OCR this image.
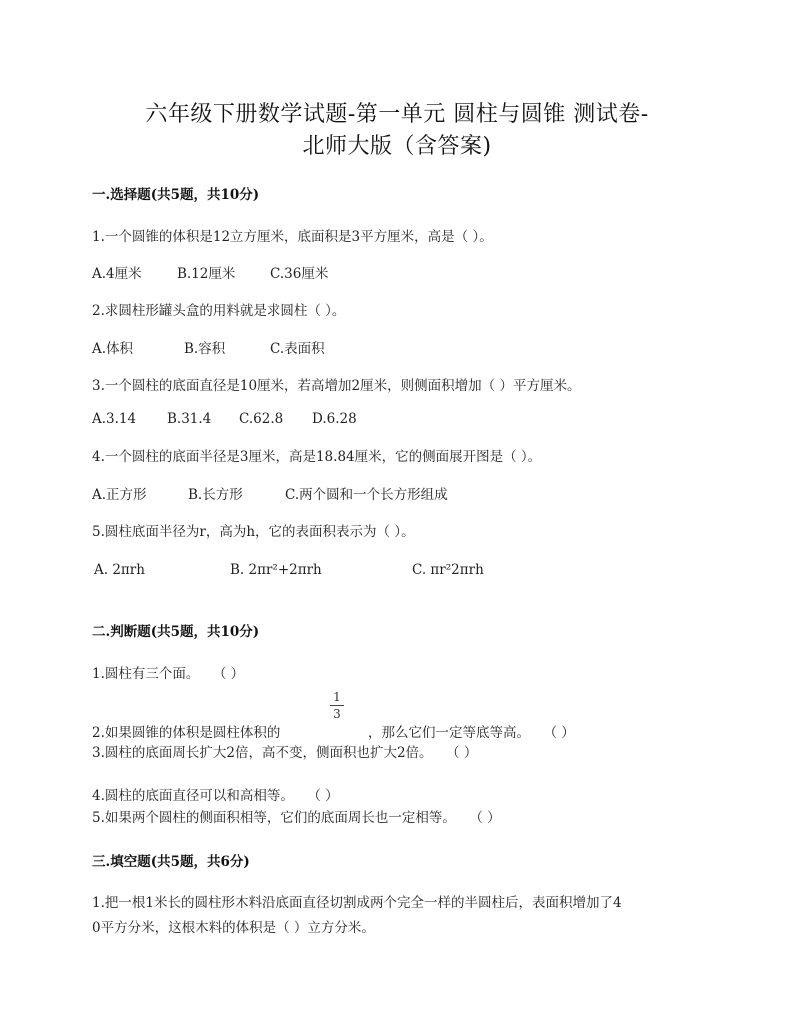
六年级下册数学试题-第一单元 圆柱与圆锥 测试卷-
北师大版（含答案)
一.选择题(共5题，共10分)
1.一个圆锥的体积是12立方厘米，底面积是3平方厘米，高是（ ）。
A.4厘米	B.12厘米	C.36厘米
2.求圆柱形罐头盒的用料就是求圆柱（ ）。
A.体积	B.容积	C.表面积
3.一个圆柱的底面直径是10厘米，若高增加2厘米，则侧面积增加（ ）平方厘米。
A.3.14 B.31.4 C.62.8 D.6.28
4.一个圆柱的底面半径是3厘米，高是18.84厘米，它的侧面展开图是（ ）。
A.正方形	B.长方形	C.两个圆和一个长方形组成
5.圆柱底面半径为r，高为h，它的表面积表示为（ ）。
A. 2πrh	B. 2πr²+2πrh	C. πr²2πrh
二.判断题(共5题，共10分)
1.圆柱有三个面。　　（ ）
1
3
2.如果圆锥的体积是圆柱体积的	，那么它们一定等底等高。　　（ ）
3.圆柱的底面周长扩大2倍，高不变，侧面积也扩大2倍。　　（ ）
4.圆柱的底面直径可以和高相等。　　（ ）
5.如果两个圆柱的侧面积相等，它们的底面周长也一定相等。　　（ ）
三.填空题(共5题，共6分)
1.把一根1米长的圆柱形木料沿底面直径切割成两个完全一样的半圆柱后，表面积增加了4
0平方分米，这根木料的体积是（ ）立方分米。
